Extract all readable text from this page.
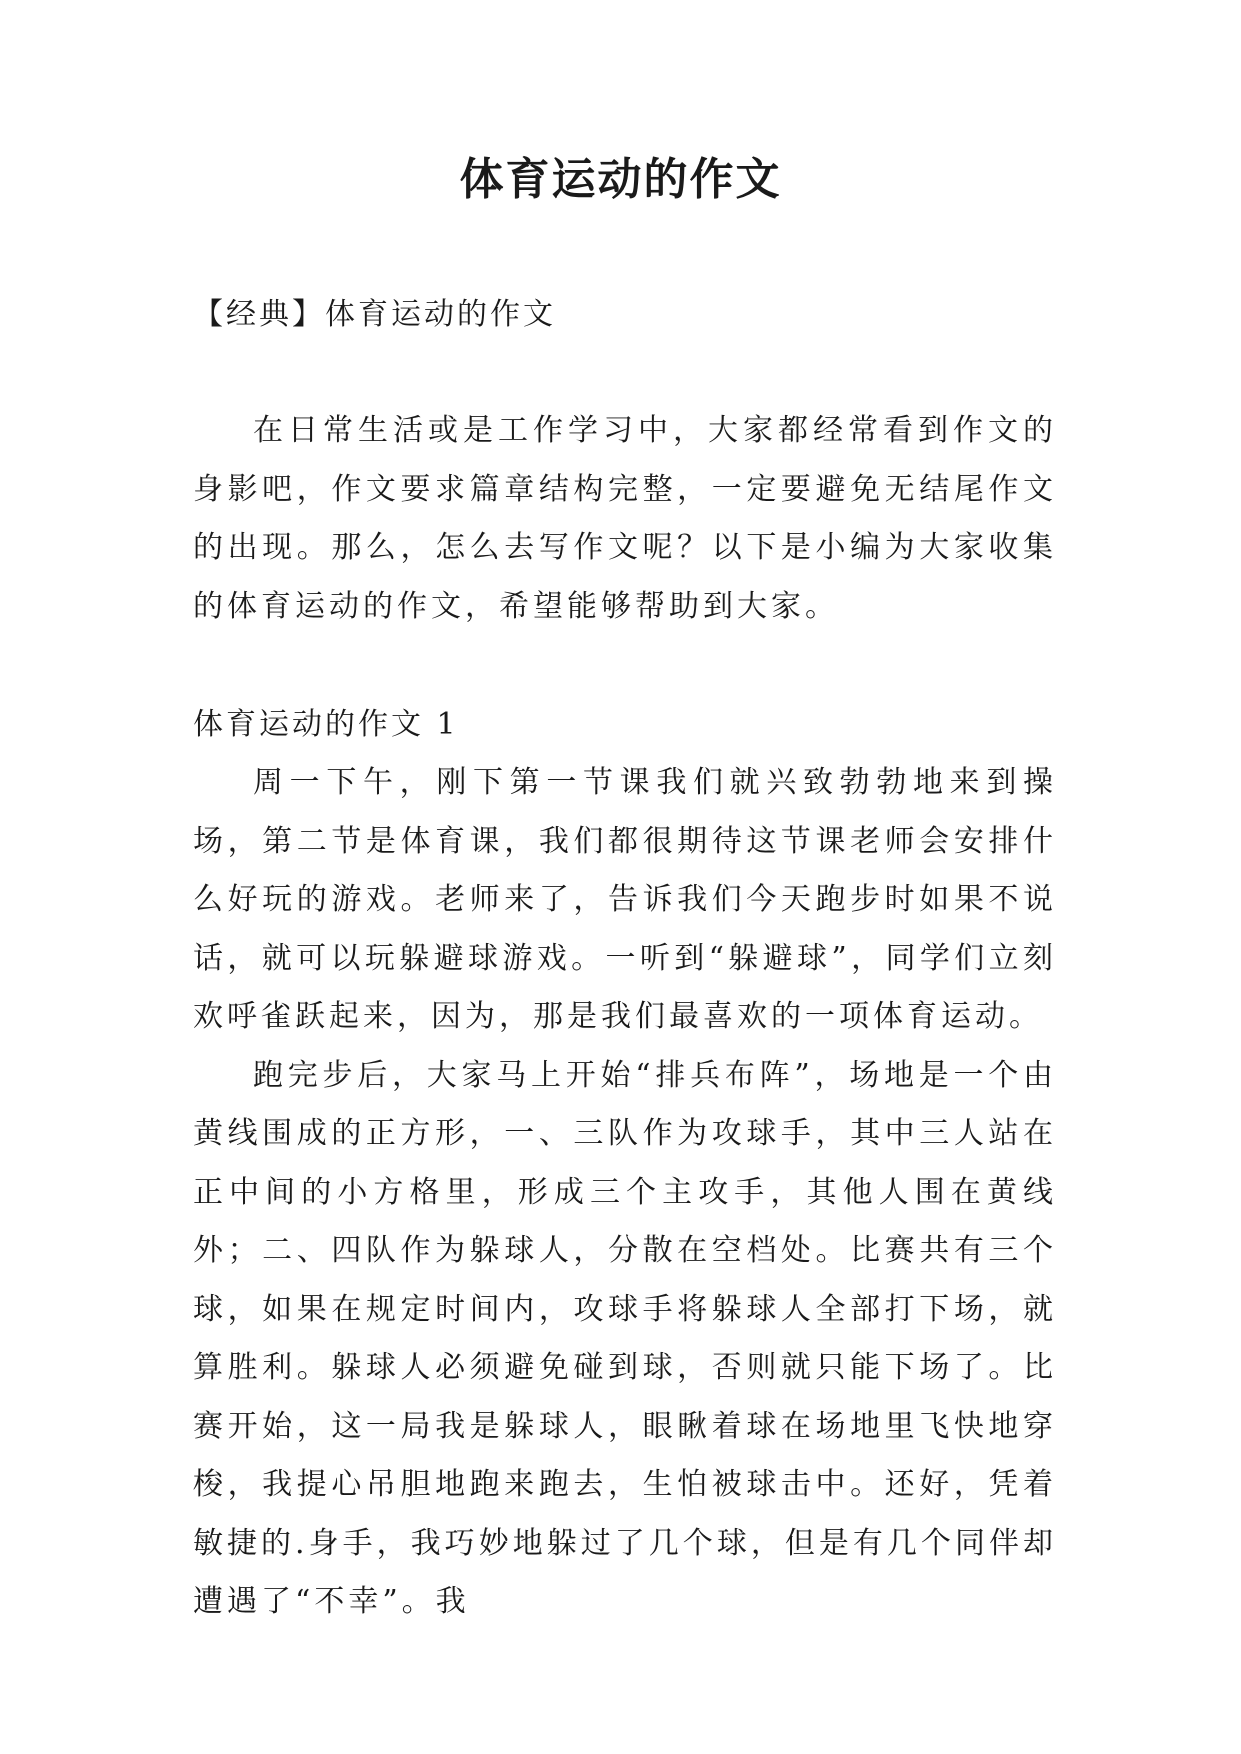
体育运动的作文

【经典】体育运动的作文

在日常生活或是工作学习中，大家都经常看到作文的身影吧，作文要求篇章结构完整，一定要避免无结尾作文的出现。那么，怎么去写作文呢？以下是小编为大家收集的体育运动的作文，希望能够帮助到大家。

体育运动的作文 1

周一下午，刚下第一节课我们就兴致勃勃地来到操场，第二节是体育课，我们都很期待这节课老师会安排什么好玩的游戏。老师来了，告诉我们今天跑步时如果不说话，就可以玩躲避球游戏。一听到“躲避球”，同学们立刻欢呼雀跃起来，因为，那是我们最喜欢的一项体育运动。

跑完步后，大家马上开始“排兵布阵”，场地是一个由黄线围成的正方形，一、三队作为攻球手，其中三人站在正中间的小方格里，形成三个主攻手，其他人围在黄线外；二、四队作为躲球人，分散在空档处。比赛共有三个球，如果在规定时间内，攻球手将躲球人全部打下场，就算胜利。躲球人必须避免碰到球，否则就只能下场了。比赛开始，这一局我是躲球人，眼瞅着球在场地里飞快地穿梭，我提心吊胆地跑来跑去，生怕被球击中。还好，凭着敏捷的.身手，我巧妙地躲过了几个球，但是有几个同伴却遭遇了“不幸”。我
